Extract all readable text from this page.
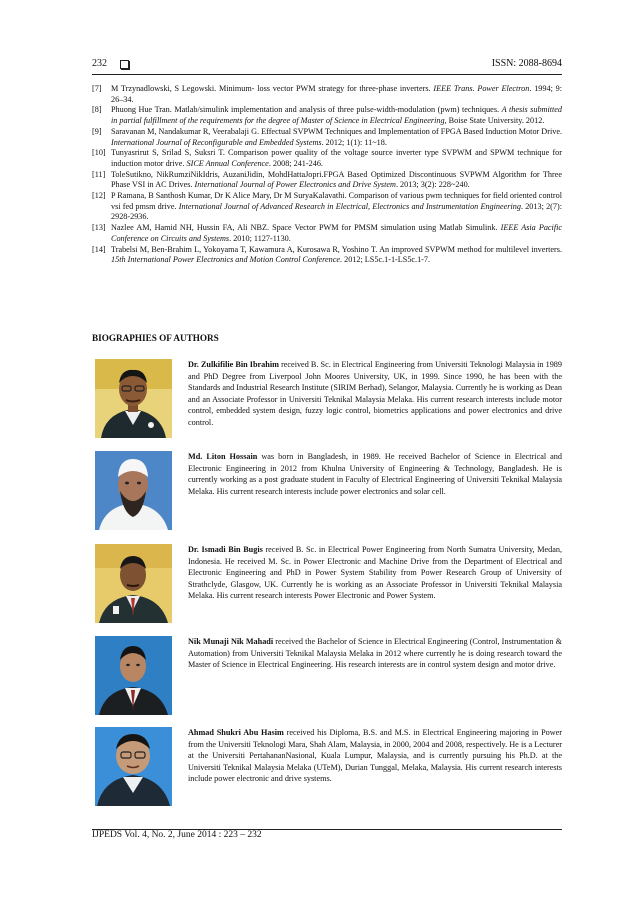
232	ISSN: 2088-8694
[7]	M Trzynadlowski, S Legowski. Minimum- loss vector PWM strategy for three-phase inverters. IEEE Trans. Power Electron. 1994; 9: 26–34.
[8]	Phuong Hue Tran. Matlab/simulink implementation and analysis of three pulse-width-modulation (pwm) techniques. A thesis submitted in partial fulfillment of the requirements for the degree of Master of Science in Electrical Engineering, Boise State University. 2012.
[9]	Saravanan M, Nandakumar R, Veerabalaji G. Effectual SVPWM Techniques and Implementation of FPGA Based Induction Motor Drive. International Journal of Reconfigurable and Embedded Systems. 2012; 1(1): 11~18.
[10] Tunyasrirut S, Srilad S, Suksri T. Comparison power quality of the voltage source inverter type SVPWM and SPWM technique for induction motor drive. SICE Annual Conference. 2008; 241-246.
[11] ToleSutikno, NikRumziNikIdris, AuzaniJidin, MohdHattaJopri.FPGA Based Optimized Discontinuous SVPWM Algorithm for Three Phase VSI in AC Drives. International Journal of Power Electronics and Drive System. 2013; 3(2): 228~240.
[12] P Ramana, B Santhosh Kumar, Dr K Alice Mary, Dr M SuryaKalavathi. Comparison of various pwm techniques for field oriented control vsi fed pmsm drive. International Journal of Advanced Research in Electrical, Electronics and Instrumentation Engineering. 2013; 2(7): 2928-2936.
[13] Nazlee AM, Hamid NH, Hussin FA, Ali NBZ. Space Vector PWM for PMSM simulation using Matlab Simulink. IEEE Asia Pacific Conference on Circuits and Systems. 2010; 1127-1130.
[14] Trabelsi M, Ben-Brahim L, Yokoyama T, Kawamura A, Kurosawa R, Yoshino T. An improved SVPWM method for multilevel inverters. 15th International Power Electronics and Motion Control Conference. 2012; LS5c.1-1-LS5c.1-7.
BIOGRAPHIES OF AUTHORS
Dr. Zulkifilie Bin Ibrahim received B. Sc. in Electrical Engineering from Universiti Teknologi Malaysia in 1989 and PhD Degree from Liverpool John Moores University, UK, in 1999. Since 1990, he has been with the Standards and Industrial Research Institute (SIRIM Berhad), Selangor, Malaysia. Currently he is working as Dean and an Associate Professor in Universiti Teknikal Malaysia Melaka. His current research interests include motor control, embedded system design, fuzzy logic control, biometrics applications and power electronics and drive control.
Md. Liton Hossain was born in Bangladesh, in 1989. He received Bachelor of Science in Electrical and Electronic Engineering in 2012 from Khulna University of Engineering & Technology, Bangladesh. He is currently working as a post graduate student in Faculty of Electrical Engineering of Universiti Teknikal Malaysia Melaka. His current research interests include power electronics and solar cell.
Dr. Ismadi Bin Bugis received B. Sc. in Electrical Power Engineering from North Sumatra University, Medan, Indonesia. He received M. Sc. in Power Electronic and Machine Drive from the Department of Electrical and Electronic Engineering and PhD in Power System Stability from Power Research Group of University of Strathclyde, Glasgow, UK. Currently he is working as an Associate Professor in Universiti Teknikal Malaysia Melaka. His current research interests Power Electronic and Power System.
Nik Munaji Nik Mahadi received the Bachelor of Science in Electrical Engineering (Control, Instrumentation & Automation) from Universiti Teknikal Malaysia Melaka in 2012 where currently he is doing research toward the Master of Science in Electrical Engineering. His research interests are in control system design and motor drive.
Ahmad Shukri Abu Hasim received his Diploma, B.S. and M.S. in Electrical Engineering majoring in Power from the Universiti Teknologi Mara, Shah Alam, Malaysia, in 2000, 2004 and 2008, respectively. He is a Lecturer at the Universiti PertahananNasional, Kuala Lumpur, Malaysia, and is currently pursuing his Ph.D. at the Universiti Teknikal Malaysia Melaka (UTeM), Durian Tunggal, Melaka, Malaysia. His current research interests include power electronic and drive systems.
IJPEDS Vol. 4, No. 2, June 2014 : 223 – 232
